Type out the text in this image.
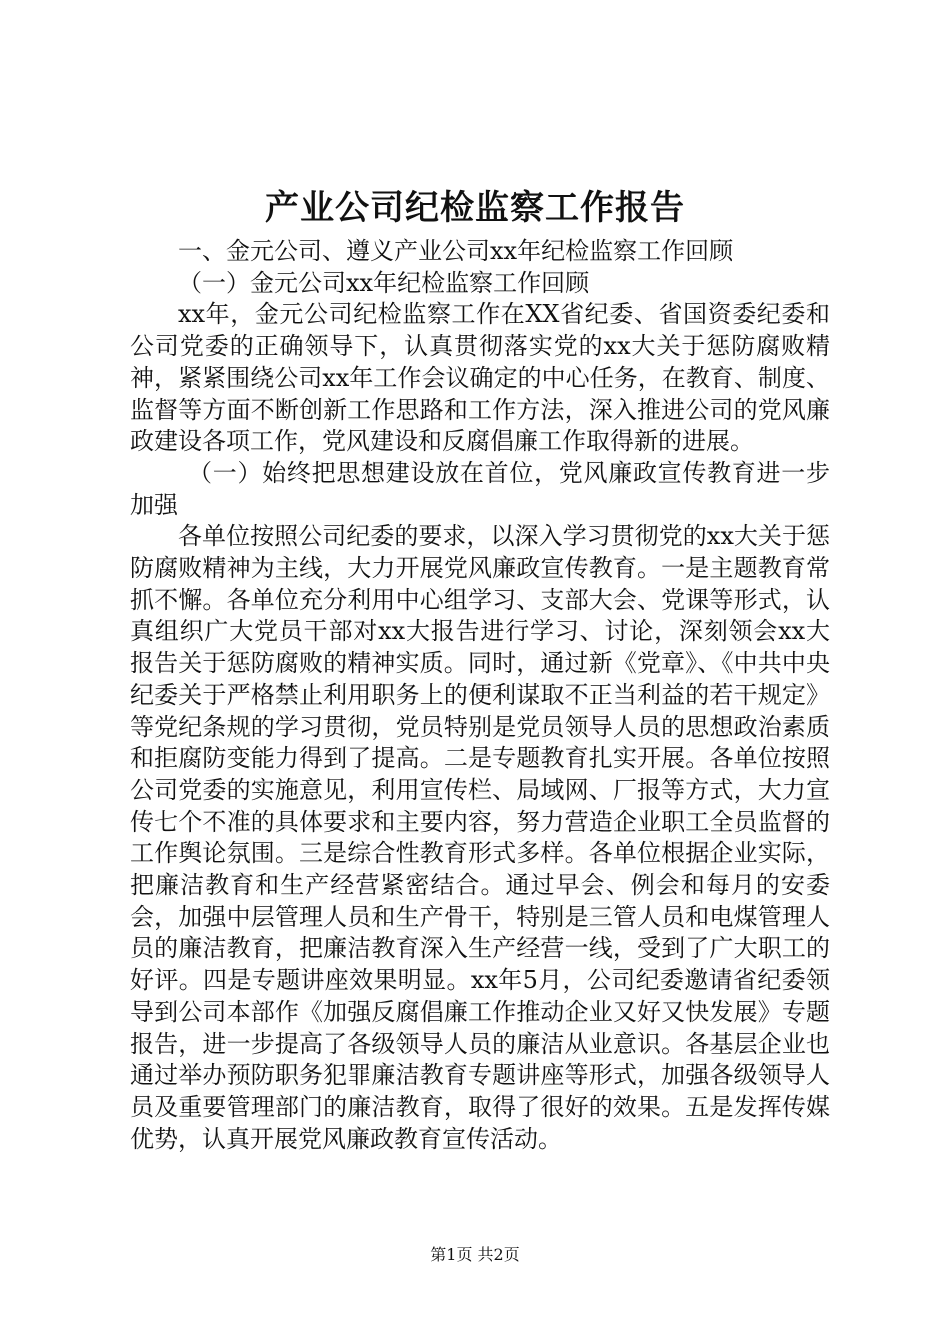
产业公司纪检监察工作报告

一、金元公司、遵义产业公司xx年纪检监察工作回顾

（一）金元公司xx年纪检监察工作回顾

xx年，金元公司纪检监察工作在XX省纪委、省国资委纪委和公司党委的正确领导下，认真贯彻落实党的xx大关于惩防腐败精神，紧紧围绕公司xx年工作会议确定的中心任务，在教育、制度、监督等方面不断创新工作思路和工作方法，深入推进公司的党风廉政建设各项工作，党风建设和反腐倡廉工作取得新的进展。

（一）始终把思想建设放在首位，党风廉政宣传教育进一步加强

各单位按照公司纪委的要求，以深入学习贯彻党的xx大关于惩防腐败精神为主线，大力开展党风廉政宣传教育。一是主题教育常抓不懈。各单位充分利用中心组学习、支部大会、党课等形式，认真组织广大党员干部对xx大报告进行学习、讨论，深刻领会xx大报告关于惩防腐败的精神实质。同时，通过新《党章》、《中共中央纪委关于严格禁止利用职务上的便利谋取不正当利益的若干规定》等党纪条规的学习贯彻，党员特别是党员领导人员的思想政治素质和拒腐防变能力得到了提高。二是专题教育扎实开展。各单位按照公司党委的实施意见，利用宣传栏、局域网、厂报等方式，大力宣传七个不准的具体要求和主要内容，努力营造企业职工全员监督的工作舆论氛围。三是综合性教育形式多样。各单位根据企业实际，把廉洁教育和生产经营紧密结合。通过早会、例会和每月的安委会，加强中层管理人员和生产骨干，特别是三管人员和电煤管理人员的廉洁教育，把廉洁教育深入生产经营一线，受到了广大职工的好评。四是专题讲座效果明显。xx年5月，公司纪委邀请省纪委领导到公司本部作《加强反腐倡廉工作推动企业又好又快发展》专题报告，进一步提高了各级领导人员的廉洁从业意识。各基层企业也通过举办预防职务犯罪廉洁教育专题讲座等形式，加强各级领导人员及重要管理部门的廉洁教育，取得了很好的效果。五是发挥传媒优势，认真开展党风廉政教育宣传活动。

第1页 共2页
